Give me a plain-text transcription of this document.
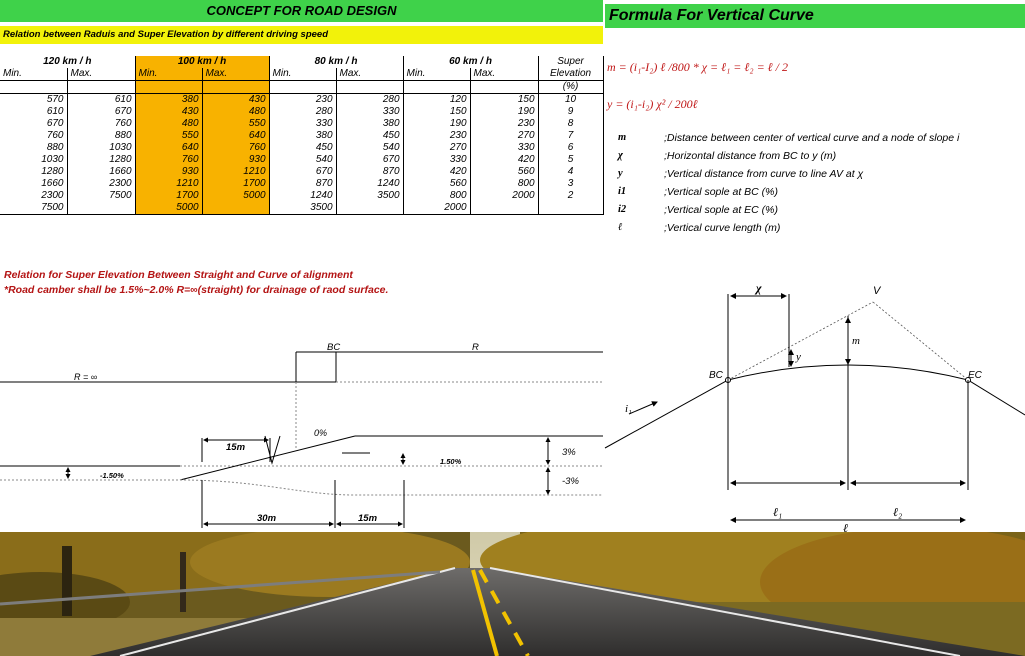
CONCEPT FOR ROAD DESIGN
Relation between Raduis and Super Elevation by different driving speed
120 km / h		100 km / h		80 km / h		60 km / h		Super
Min.	Max.	Min.	Max.	Min.	Max.	Min.	Max.	Elevation
								(%)
570	610	380	430	230	280	120	150	10
610	670	430	480	280	330	150	190	9
670	760	480	550	330	380	190	230	8
760	880	550	640	380	450	230	270	7
880	1030	640	760	450	540	270	330	6
1030	1280	760	930	540	670	330	420	5
1280	1660	930	1210	670	870	420	560	4
1660	2300	1210	1700	870	1240	560	800	3
2300	7500	1700	5000	1240	3500	800	2000	2
7500		5000		3500		2000		
Formula For Vertical Curve
m = (i₁-I₂) ℓ /800 * χ = ℓ₁ = ℓ₂ = ℓ / 2
y = (i₁-i₂) χ² / 200ℓ
m	;Distance between center of vertical curve and a node of slope i
χ	;Horizontal distance from BC to y (m)
y	;Vertical distance from curve to line AV at χ
i1	;Vertical sople at BC (%)
i2	;Vertical sople at EC (%)
ℓ	;Vertical curve length (m)
χ	V
y
m
BC	EC
i₁
ℓ₁	ℓ₂
ℓ
Relation for Super Elevation Between Straight and Curve of alignment
*Road camber shall be 1.5%~2.0% R=∞(straight) for drainage of raod surface.
BC	R
R = ∞
15m
0%
1.50%
-1.50%
3%
-3%
30m	15m
